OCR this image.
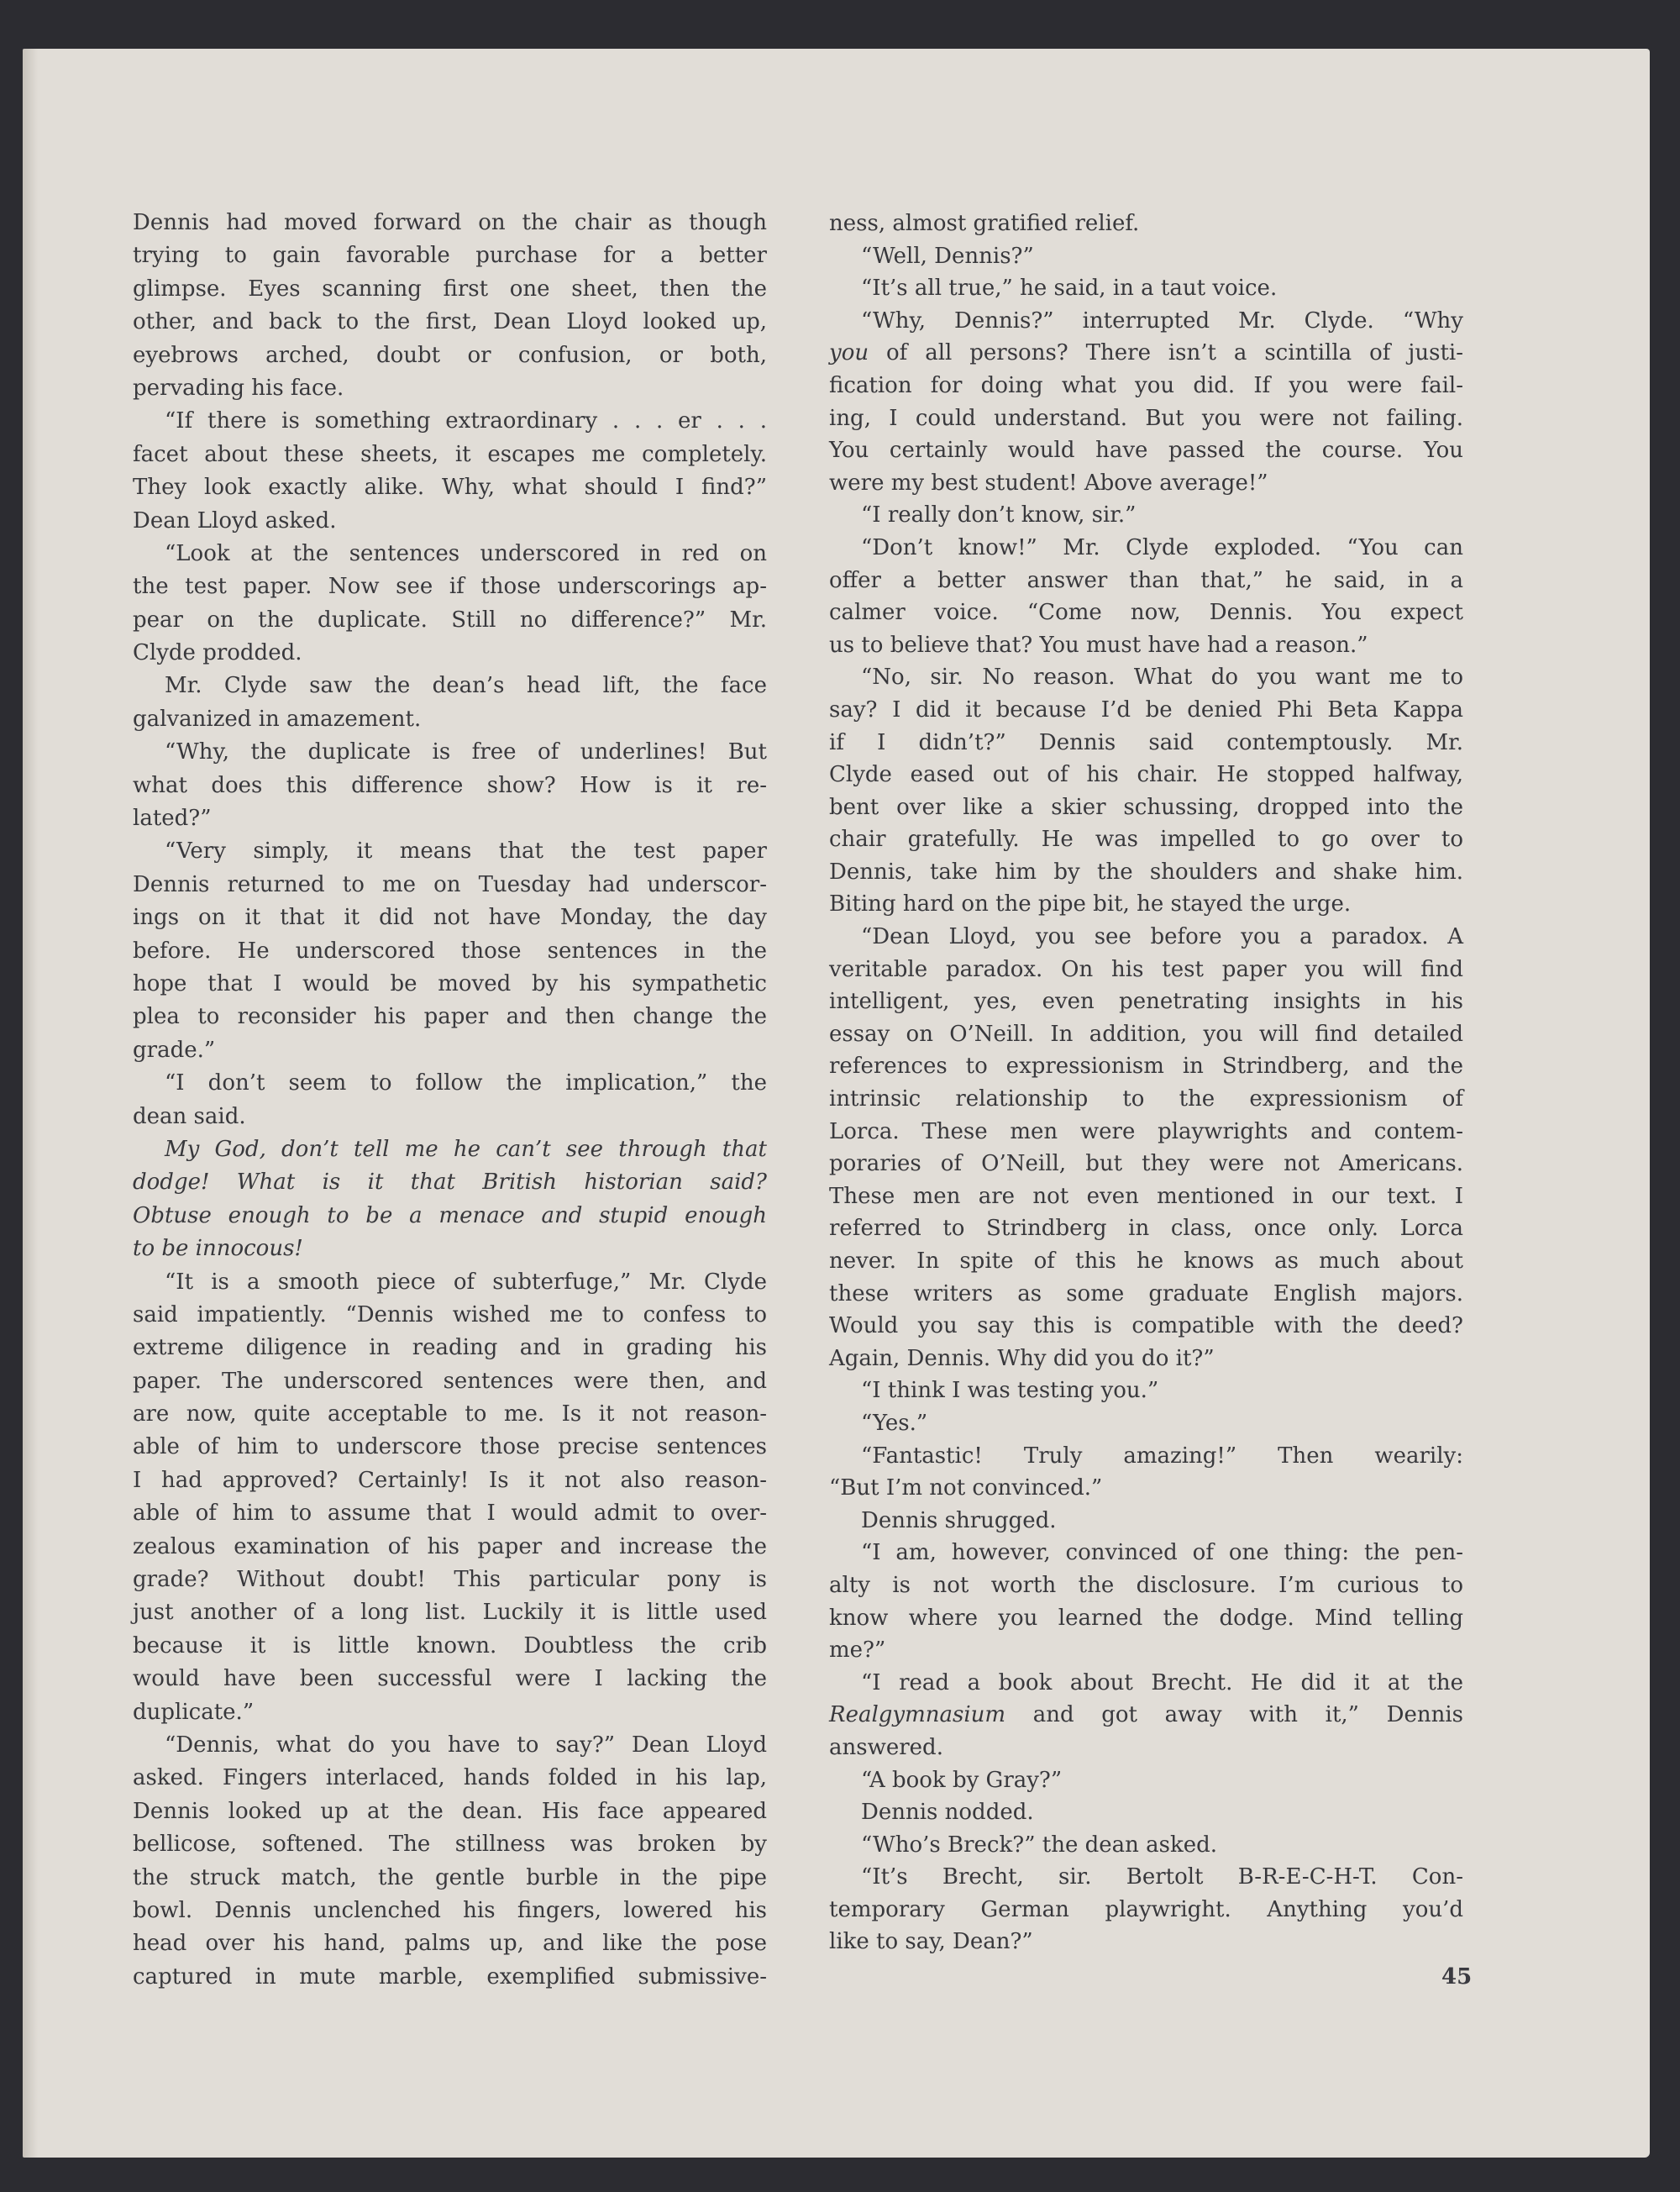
Dennis had moved forward on the chair as though
trying to gain favorable purchase for a better
glimpse. Eyes scanning first one sheet, then the
other, and back to the first, Dean Lloyd looked up,
eyebrows arched, doubt or confusion, or both,
pervading his face.
“If there is something extraordinary . . . er . . .
facet about these sheets, it escapes me completely.
They look exactly alike. Why, what should I find?”
Dean Lloyd asked.
“Look at the sentences underscored in red on
the test paper. Now see if those underscorings ap-
pear on the duplicate. Still no difference?” Mr.
Clyde prodded.
Mr. Clyde saw the dean’s head lift, the face
galvanized in amazement.
“Why, the duplicate is free of underlines! But
what does this difference show? How is it re-
lated?”
“Very simply, it means that the test paper
Dennis returned to me on Tuesday had underscor-
ings on it that it did not have Monday, the day
before. He underscored those sentences in the
hope that I would be moved by his sympathetic
plea to reconsider his paper and then change the
grade.”
“I don’t seem to follow the implication,” the
dean said.
My God, don’t tell me he can’t see through that
dodge! What is it that British historian said?
Obtuse enough to be a menace and stupid enough
to be innocous!
“It is a smooth piece of subterfuge,” Mr. Clyde
said impatiently. “Dennis wished me to confess to
extreme diligence in reading and in grading his
paper. The underscored sentences were then, and
are now, quite acceptable to me. Is it not reason-
able of him to underscore those precise sentences
I had approved? Certainly! Is it not also reason-
able of him to assume that I would admit to over-
zealous examination of his paper and increase the
grade? Without doubt! This particular pony is
just another of a long list. Luckily it is little used
because it is little known. Doubtless the crib
would have been successful were I lacking the
duplicate.”
“Dennis, what do you have to say?” Dean Lloyd
asked. Fingers interlaced, hands folded in his lap,
Dennis looked up at the dean. His face appeared
bellicose, softened. The stillness was broken by
the struck match, the gentle burble in the pipe
bowl. Dennis unclenched his fingers, lowered his
head over his hand, palms up, and like the pose
captured in mute marble, exemplified submissive-
ness, almost gratified relief.
“Well, Dennis?”
“It’s all true,” he said, in a taut voice.
“Why, Dennis?” interrupted Mr. Clyde. “Why
you of all persons? There isn’t a scintilla of justi-
fication for doing what you did. If you were fail-
ing, I could understand. But you were not failing.
You certainly would have passed the course. You
were my best student! Above average!”
“I really don’t know, sir.”
“Don’t know!” Mr. Clyde exploded. “You can
offer a better answer than that,” he said, in a
calmer voice. “Come now, Dennis. You expect
us to believe that? You must have had a reason.”
“No, sir. No reason. What do you want me to
say? I did it because I’d be denied Phi Beta Kappa
if I didn’t?” Dennis said contemptously. Mr.
Clyde eased out of his chair. He stopped halfway,
bent over like a skier schussing, dropped into the
chair gratefully. He was impelled to go over to
Dennis, take him by the shoulders and shake him.
Biting hard on the pipe bit, he stayed the urge.
“Dean Lloyd, you see before you a paradox. A
veritable paradox. On his test paper you will find
intelligent, yes, even penetrating insights in his
essay on O’Neill. In addition, you will find detailed
references to expressionism in Strindberg, and the
intrinsic relationship to the expressionism of
Lorca. These men were playwrights and contem-
poraries of O’Neill, but they were not Americans.
These men are not even mentioned in our text. I
referred to Strindberg in class, once only. Lorca
never. In spite of this he knows as much about
these writers as some graduate English majors.
Would you say this is compatible with the deed?
Again, Dennis. Why did you do it?”
“I think I was testing you.”
“Yes.”
“Fantastic! Truly amazing!” Then wearily:
“But I’m not convinced.”
Dennis shrugged.
“I am, however, convinced of one thing: the pen-
alty is not worth the disclosure. I’m curious to
know where you learned the dodge. Mind telling
me?”
“I read a book about Brecht. He did it at the
Realgymnasium and got away with it,” Dennis
answered.
“A book by Gray?”
Dennis nodded.
“Who’s Breck?” the dean asked.
“It’s Brecht, sir. Bertolt B-R-E-C-H-T. Con-
temporary German playwright. Anything you’d
like to say, Dean?”
45
